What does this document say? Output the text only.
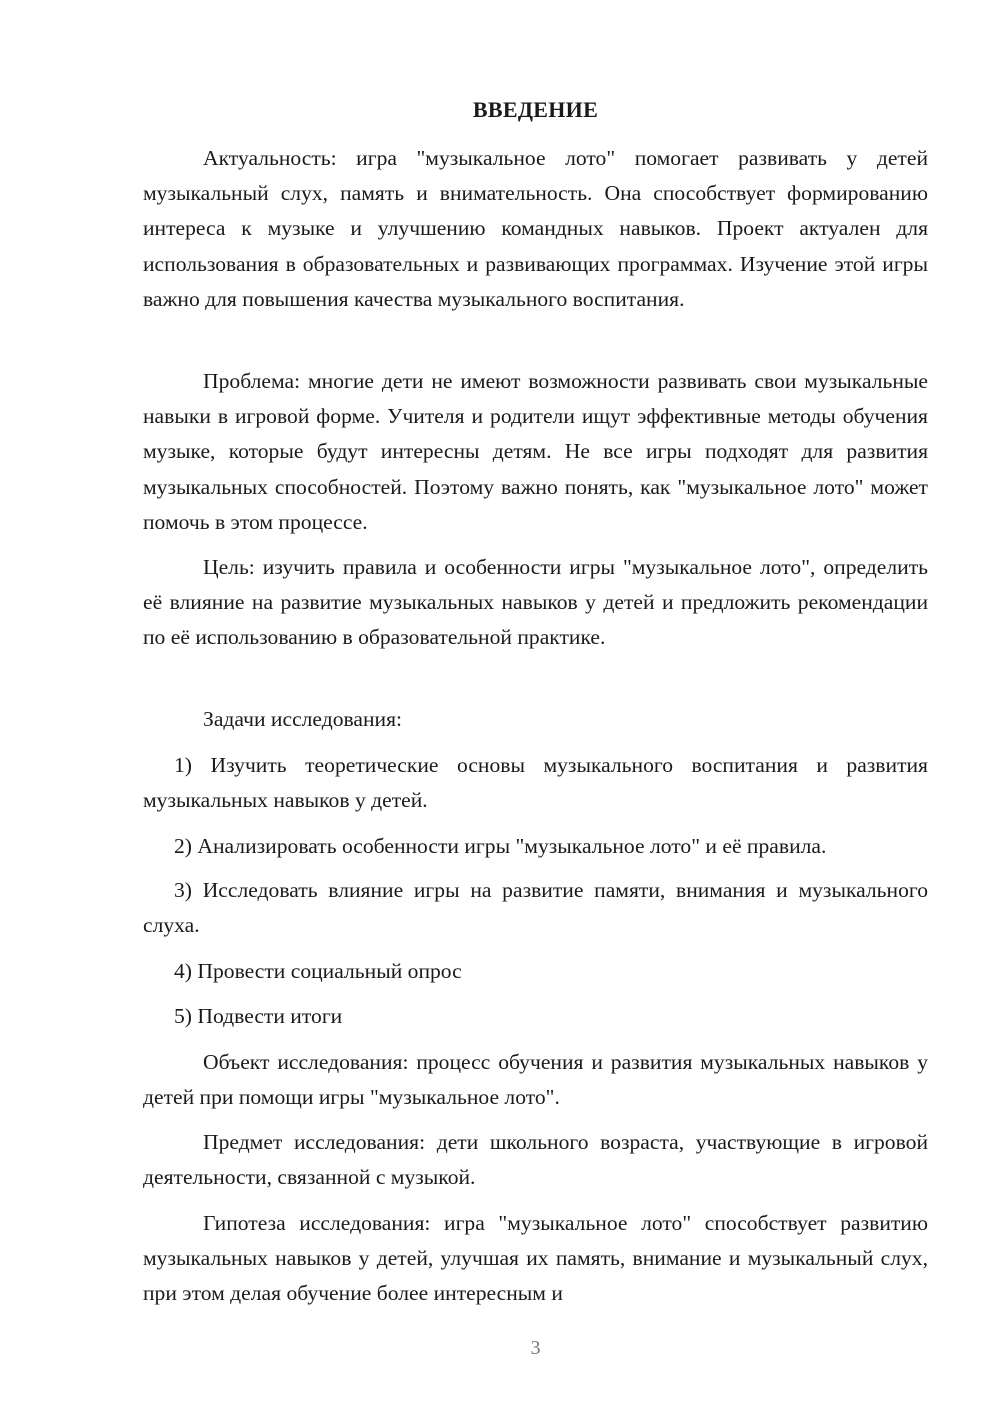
ВВЕДЕНИЕ

Актуальность: игра "музыкальное лото" помогает развивать у детей музыкальный слух, память и внимательность. Она способствует формированию интереса к музыке и улучшению командных навыков. Проект актуален для использования в образовательных и развивающих программах. Изучение этой игры важно для повышения качества музыкального воспитания.

Проблема: многие дети не имеют возможности развивать свои музыкальные навыки в игровой форме. Учителя и родители ищут эффективные методы обучения музыке, которые будут интересны детям. Не все игры подходят для развития музыкальных способностей. Поэтому важно понять, как "музыкальное лото" может помочь в этом процессе.

Цель: изучить правила и особенности игры "музыкальное лото", определить её влияние на развитие музыкальных навыков у детей и предложить рекомендации по её использованию в образовательной практике.

Задачи исследования:

1) Изучить теоретические основы музыкального воспитания и развития музыкальных навыков у детей.

2) Анализировать особенности игры "музыкальное лото" и её правила.

3) Исследовать влияние игры на развитие памяти, внимания и музыкального слуха.

4) Провести социальный опрос

5) Подвести итоги

Объект исследования: процесс обучения и развития музыкальных навыков у детей при помощи игры "музыкальное лото".

Предмет исследования: дети школьного возраста, участвующие в игровой деятельности, связанной с музыкой.

Гипотеза исследования: игра "музыкальное лото" способствует развитию музыкальных навыков у детей, улучшая их память, внимание и музыкальный слух, при этом делая обучение более интересным и

3
